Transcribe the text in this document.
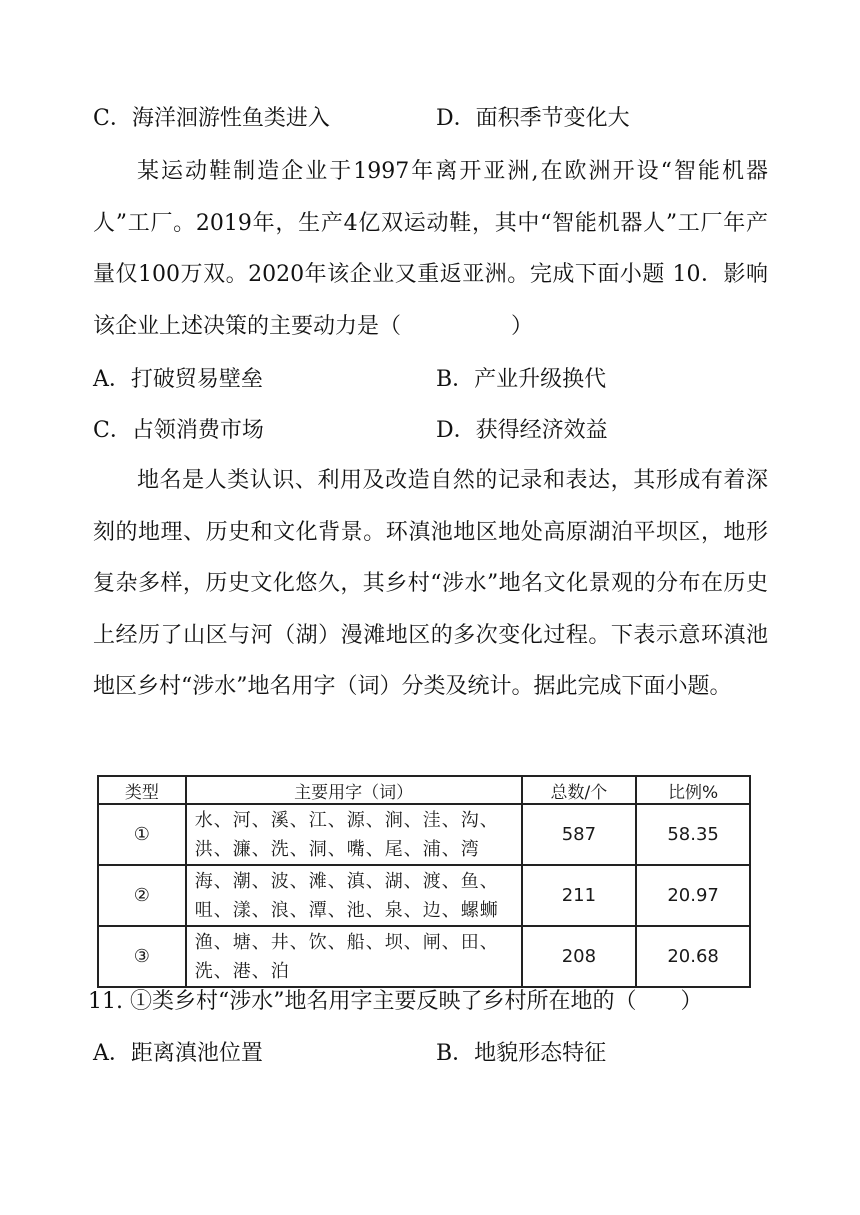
C．海洋洄游性鱼类进入	D．面积季节变化大
某运动鞋制造企业于1997年离开亚洲,在欧洲开设“智能机器人”工厂。2019年，生产4亿双运动鞋，其中“智能机器人”工厂年产量仅100万双。2020年该企业又重返亚洲。完成下面小题 10．影响该企业上述决策的主要动力是（　　　　　）
A．打破贸易壁垒	B．产业升级换代
C．占领消费市场	D．获得经济效益
地名是人类认识、利用及改造自然的记录和表达，其形成有着深刻的地理、历史和文化背景。环滇池地区地处高原湖泊平坝区，地形复杂多样，历史文化悠久，其乡村“涉水”地名文化景观的分布在历史上经历了山区与河（湖）漫滩地区的多次变化过程。下表示意环滇池地区乡村“涉水”地名用字（词）分类及统计。据此完成下面小题。
类型	主要用字（词）	总数/个	比例%
①	水、河、溪、江、源、涧、洼、沟、
洪、濂、洗、洞、嘴、尾、浦、湾	587	58.35
②	海、潮、波、滩、滇、湖、渡、鱼、
咀、漾、浪、潭、池、泉、边、螺蛳	211	20.97
③	渔、塘、井、饮、船、坝、闸、田、
洗、港、泊	208	20.68
11. ①类乡村“涉水”地名用字主要反映了乡村所在地的（　　）
A．距离滇池位置	B．地貌形态特征
